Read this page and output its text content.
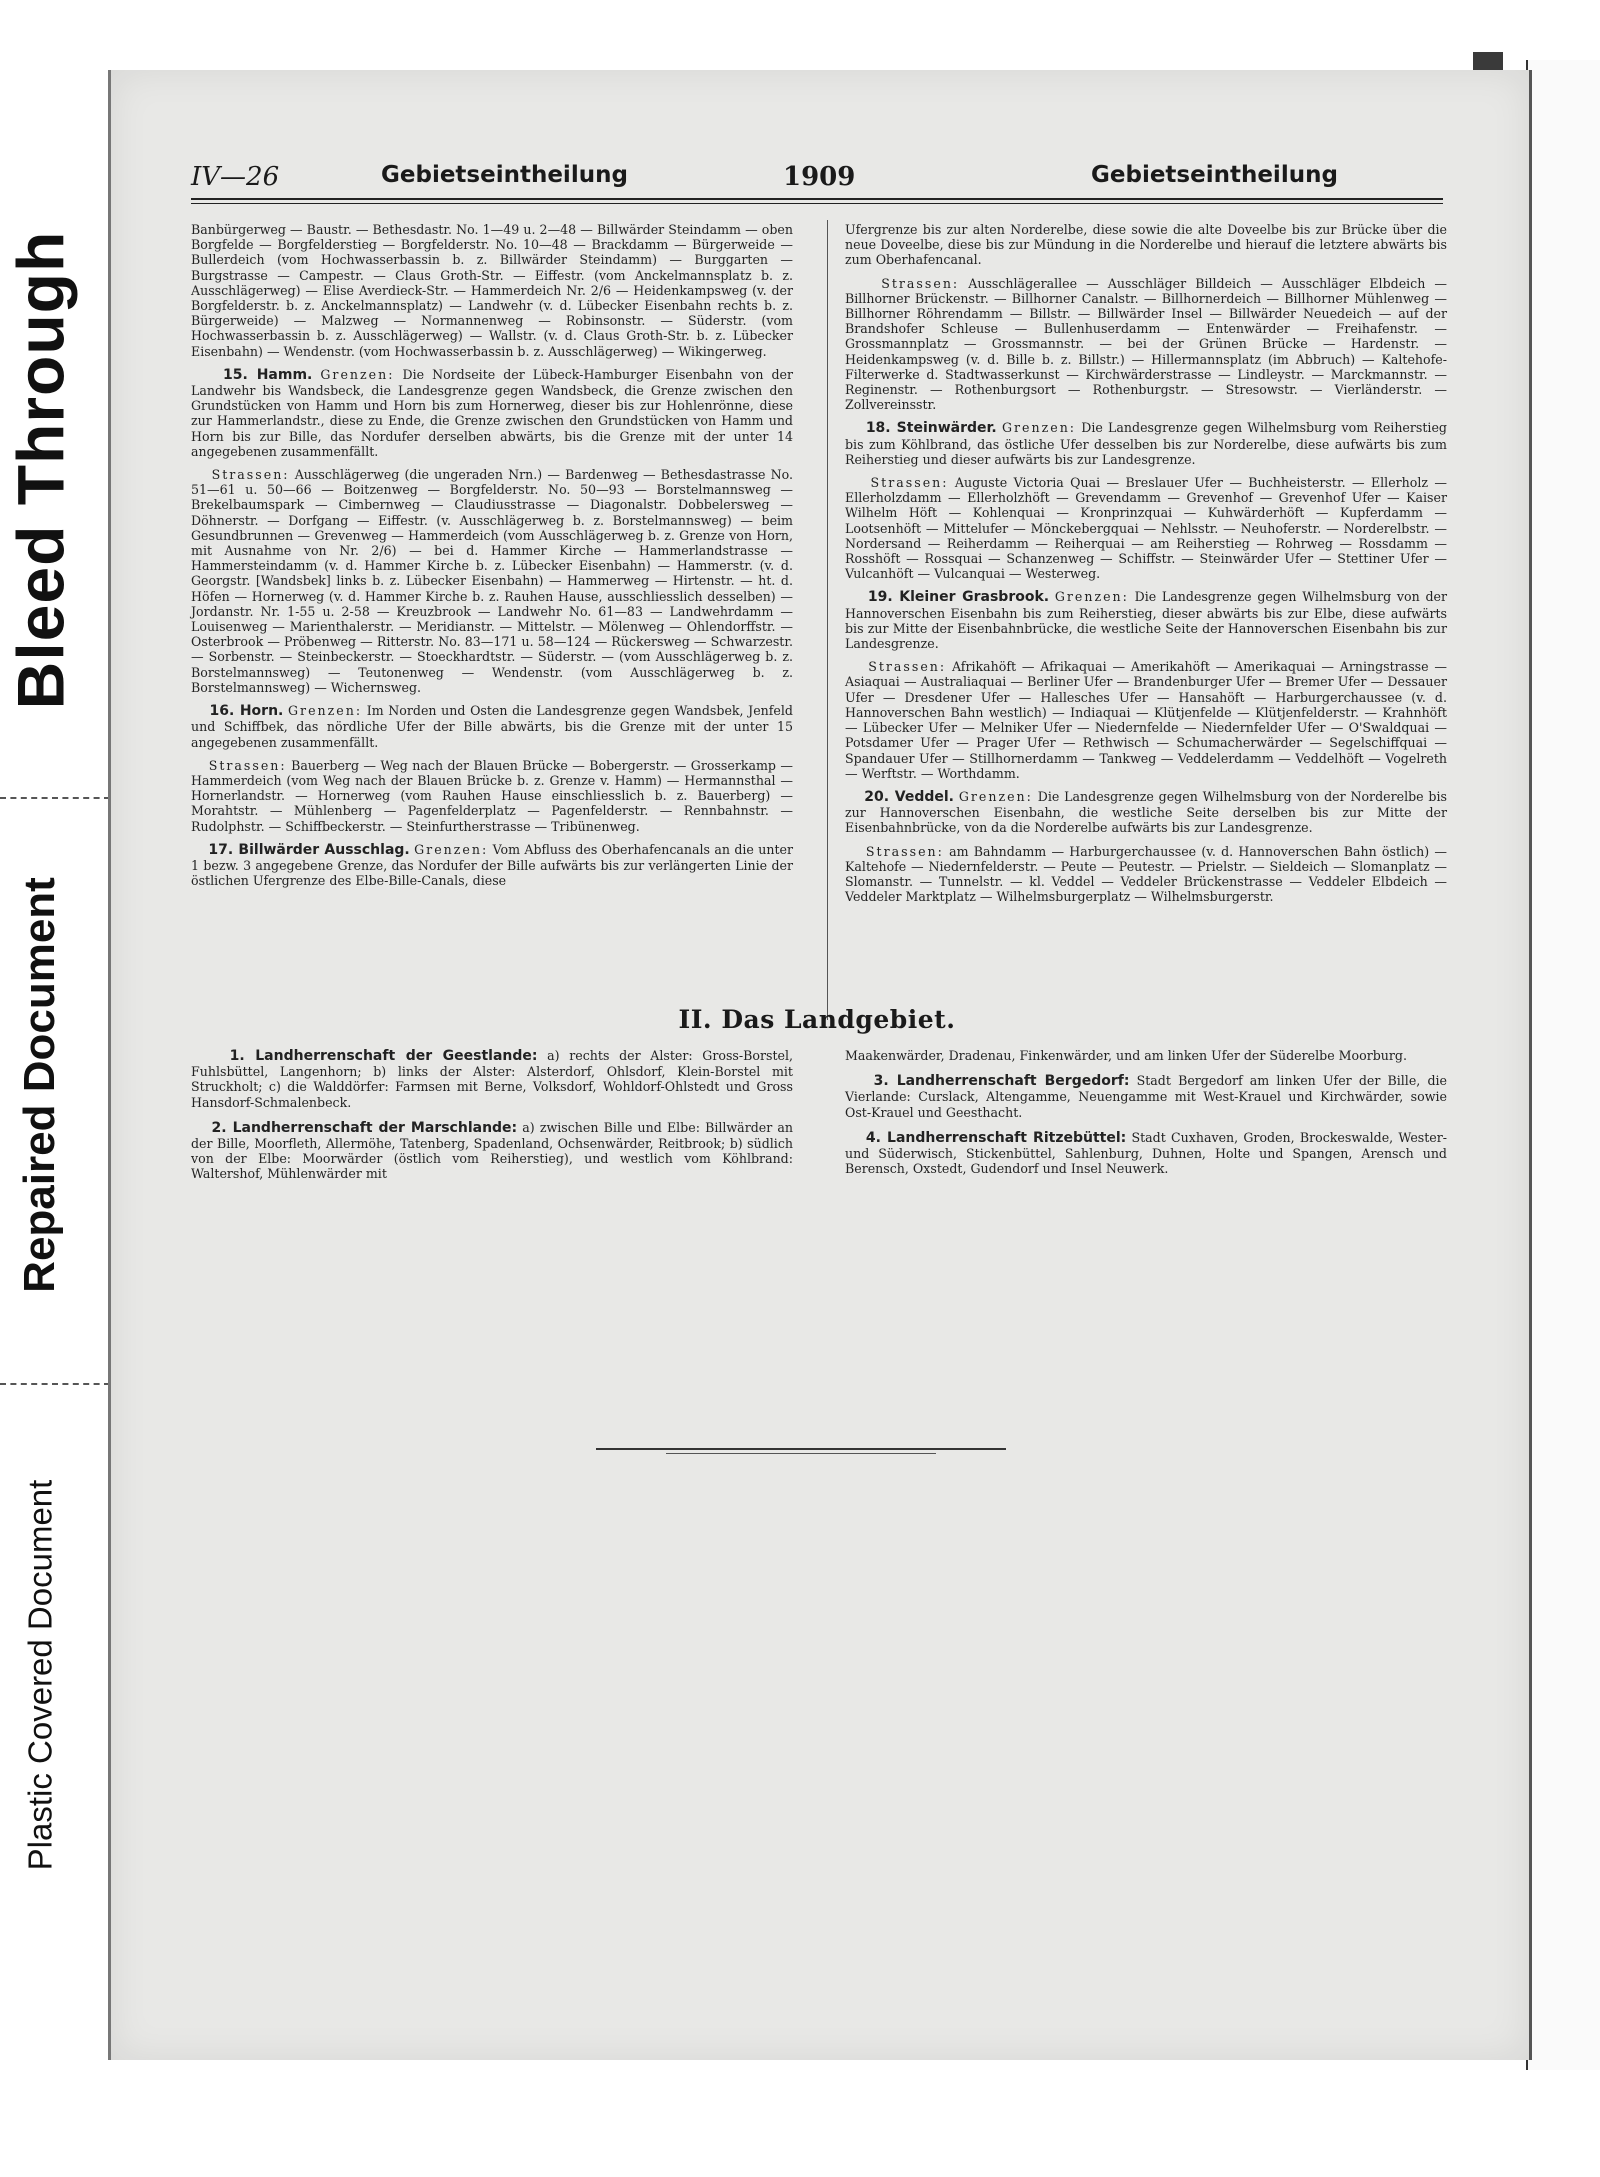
Bleed Through
Repaired Document
Plastic Covered Document
IV—26	Gebietseintheilung	1909	Gebietseintheilung

Banbürgerweg — Baustr. — Bethesdastr. No. 1—49 u. 2—48 — Billwärder Steindamm — oben Borgfelde — Borgfelderstieg — Borgfelderstr. No. 10—48 — Brackdamm — Bürgerweide — Bullerdeich (vom Hochwasserbassin b. z. Billwärder Steindamm) — Burggarten — Burgstrasse — Campestr. — Claus Groth-Str. — Eiffestr. (vom Anckelmannsplatz b. z. Ausschlägerweg) — Elise Averdieck-Str. — Hammerdeich Nr. 2/6 — Heidenkampsweg (v. der Borgfelderstr. b. z. Anckelmannsplatz) — Landwehr (v. d. Lübecker Eisenbahn rechts b. z. Bürgerweide) — Malzweg — Normannenweg — Robinsonstr. — Süderstr. (vom Hochwasserbassin b. z. Ausschlägerweg) — Wallstr. (v. d. Claus Groth-Str. b. z. Lübecker Eisenbahn) — Wendenstr. (vom Hochwasserbassin b. z. Ausschlägerweg) — Wikingerweg.

15. Hamm. Grenzen: Die Nordseite der Lübeck-Hamburger Eisenbahn von der Landwehr bis Wandsbeck, die Landesgrenze gegen Wandsbeck, die Grenze zwischen den Grundstücken von Hamm und Horn bis zum Hornerweg, dieser bis zur Hohlenrönne, diese zur Hammerlandstr., diese zu Ende, die Grenze zwischen den Grundstücken von Hamm und Horn bis zur Bille, das Nordufer derselben abwärts, bis die Grenze mit der unter 14 angegebenen zusammenfällt.

Strassen: Ausschlägerweg (die ungeraden Nrn.) — Bardenweg — Bethesdastrasse No. 51—61 u. 50—66 — Boitzenweg — Borgfelderstr. No. 50—93 — Borstelmannsweg — Brekelbaumspark — Cimbernweg — Claudiusstrasse — Diagonalstr. Dobbelersweg — Döhnerstr. — Dorfgang — Eiffestr. (v. Ausschlägerweg b. z. Borstelmannsweg) — beim Gesundbrunnen — Grevenweg — Hammerdeich (vom Ausschlägerweg b. z. Grenze von Horn, mit Ausnahme von Nr. 2/6) — bei d. Hammer Kirche — Hammerlandstrasse — Hammersteindamm (v. d. Hammer Kirche b. z. Lübecker Eisenbahn) — Hammerstr. (v. d. Georgstr. [Wandsbek] links b. z. Lübecker Eisenbahn) — Hammerweg — Hirtenstr. — ht. d. Höfen — Hornerweg (v. d. Hammer Kirche b. z. Rauhen Hause, ausschliesslich desselben) — Jordanstr. Nr. 1-55 u. 2-58 — Kreuzbrook — Landwehr No. 61—83 — Landwehrdamm — Louisenweg — Marienthalerstr. — Meridianstr. — Mittelstr. — Mölenweg — Ohlendorffstr. — Osterbrook — Pröbenweg — Ritterstr. No. 83—171 u. 58—124 — Rückersweg — Schwarzestr. — Sorbenstr. — Steinbeckerstr. — Stoeckhardtstr. — Süderstr. — (vom Ausschlägerweg b. z. Borstelmannsweg) — Teutonenweg — Wendenstr. (vom Ausschlägerweg b. z. Borstelmannsweg) — Wichernsweg.

16. Horn. Grenzen: Im Norden und Osten die Landesgrenze gegen Wandsbek, Jenfeld und Schiffbek, das nördliche Ufer der Bille abwärts, bis die Grenze mit der unter 15 angegebenen zusammenfällt.

Strassen: Bauerberg — Weg nach der Blauen Brücke — Bobergerstr. — Grosserkamp — Hammerdeich (vom Weg nach der Blauen Brücke b. z. Grenze v. Hamm) — Hermannsthal — Hornerlandstr. — Hornerweg (vom Rauhen Hause einschliesslich b. z. Bauerberg) — Morahtstr. — Mühlenberg — Pagenfelderplatz — Pagenfelderstr. — Rennbahnstr. — Rudolphstr. — Schiffbeckerstr. — Steinfurtherstrasse — Tribünenweg.

17. Billwärder Ausschlag. Grenzen: Vom Abfluss des Oberhafencanals an die unter 1 bezw. 3 angegebene Grenze, das Nordufer der Bille aufwärts bis zur verlängerten Linie der östlichen Ufergrenze des Elbe-Bille-Canals, diese

Ufergrenze bis zur alten Norderelbe, diese sowie die alte Doveelbe bis zur Brücke über die neue Doveelbe, diese bis zur Mündung in die Norderelbe und hierauf die letztere abwärts bis zum Oberhafencanal.

Strassen: Ausschlägerallee — Ausschläger Billdeich — Ausschläger Elbdeich — Billhorner Brückenstr. — Billhorner Canalstr. — Billhornerdeich — Billhorner Mühlenweg — Billhorner Röhrendamm — Billstr. — Billwärder Insel — Billwärder Neuedeich — auf der Brandshofer Schleuse — Bullenhuserdamm — Entenwärder — Freihafenstr. — Grossmannplatz — Grossmannstr. — bei der Grünen Brücke — Hardenstr. — Heidenkampsweg (v. d. Bille b. z. Billstr.) — Hillermannsplatz (im Abbruch) — Kaltehofe-Filterwerke d. Stadtwasserkunst — Kirchwärderstrasse — Lindleystr. — Marckmannstr. — Reginenstr. — Rothenburgsort — Rothenburgstr. — Stresowstr. — Vierländerstr. — Zollvereinsstr.

18. Steinwärder. Grenzen: Die Landesgrenze gegen Wilhelmsburg vom Reiherstieg bis zum Köhlbrand, das östliche Ufer desselben bis zur Norderelbe, diese aufwärts bis zum Reiherstieg und dieser aufwärts bis zur Landesgrenze.

Strassen: Auguste Victoria Quai — Breslauer Ufer — Buchheisterstr. — Ellerholz — Ellerholzdamm — Ellerholzhöft — Grevendamm — Grevenhof — Grevenhof Ufer — Kaiser Wilhelm Höft — Kohlenquai — Kronprinzquai — Kuhwärderhöft — Kupferdamm — Lootsenhöft — Mittelufer — Mönckebergquai — Nehlsstr. — Neuhoferstr. — Norderelbstr. — Nordersand — Reiherdamm — Reiherquai — am Reiherstieg — Rohrweg — Rossdamm — Rosshöft — Rossquai — Schanzenweg — Schiffstr. — Steinwärder Ufer — Stettiner Ufer — Vulcanhöft — Vulcanquai — Westerweg.

19. Kleiner Grasbrook. Grenzen: Die Landesgrenze gegen Wilhelmsburg von der Hannoverschen Eisenbahn bis zum Reiherstieg, dieser abwärts bis zur Elbe, diese aufwärts bis zur Mitte der Eisenbahnbrücke, die westliche Seite der Hannoverschen Eisenbahn bis zur Landesgrenze.

Strassen: Afrikahöft — Afrikaquai — Amerikahöft — Amerikaquai — Arningstrasse — Asiaquai — Australiaquai — Berliner Ufer — Brandenburger Ufer — Bremer Ufer — Dessauer Ufer — Dresdener Ufer — Hallesches Ufer — Hansahöft — Harburgerchaussee (v. d. Hannoverschen Bahn westlich) — Indiaquai — Klütjenfelde — Klütjenfelderstr. — Krahnhöft — Lübecker Ufer — Melniker Ufer — Niedernfelde — Niedernfelder Ufer — O'Swaldquai — Potsdamer Ufer — Prager Ufer — Rethwisch — Schumacherwärder — Segelschiffquai — Spandauer Ufer — Stillhornerdamm — Tankweg — Veddelerdamm — Veddelhöft — Vogelreth — Werftstr. — Worthdamm.

20. Veddel. Grenzen: Die Landesgrenze gegen Wilhelmsburg von der Norderelbe bis zur Hannoverschen Eisenbahn, die westliche Seite derselben bis zur Mitte der Eisenbahnbrücke, von da die Norderelbe aufwärts bis zur Landesgrenze.

Strassen: am Bahndamm — Harburgerchaussee (v. d. Hannoverschen Bahn östlich) — Kaltehofe — Niedernfelderstr. — Peute — Peutestr. — Prielstr. — Sieldeich — Slomanplatz — Slomanstr. — Tunnelstr. — kl. Veddel — Veddeler Brückenstrasse — Veddeler Elbdeich — Veddeler Marktplatz — Wilhelmsburgerplatz — Wilhelmsburgerstr.

II. Das Landgebiet.

1. Landherrenschaft der Geestlande: a) rechts der Alster: Gross-Borstel, Fuhlsbüttel, Langenhorn; b) links der Alster: Alsterdorf, Ohlsdorf, Klein-Borstel mit Struckholt; c) die Walddörfer: Farmsen mit Berne, Volksdorf, Wohldorf-Ohlstedt und Gross Hansdorf-Schmalenbeck.

2. Landherrenschaft der Marschlande: a) zwischen Bille und Elbe: Billwärder an der Bille, Moorfleth, Allermöhe, Tatenberg, Spadenland, Ochsenwärder, Reitbrook; b) südlich von der Elbe: Moorwärder (östlich vom Reiherstieg), und westlich vom Köhlbrand: Waltershof, Mühlenwärder mit

Maakenwärder, Dradenau, Finkenwärder, und am linken Ufer der Süderelbe Moorburg.

3. Landherrenschaft Bergedorf: Stadt Bergedorf am linken Ufer der Bille, die Vierlande: Curslack, Altengamme, Neuengamme mit West-Krauel und Kirchwärder, sowie Ost-Krauel und Geesthacht.

4. Landherrenschaft Ritzebüttel: Stadt Cuxhaven, Groden, Brockeswalde, Wester- und Süderwisch, Stickenbüttel, Sahlenburg, Duhnen, Holte und Spangen, Arensch und Berensch, Oxstedt, Gudendorf und Insel Neuwerk.
